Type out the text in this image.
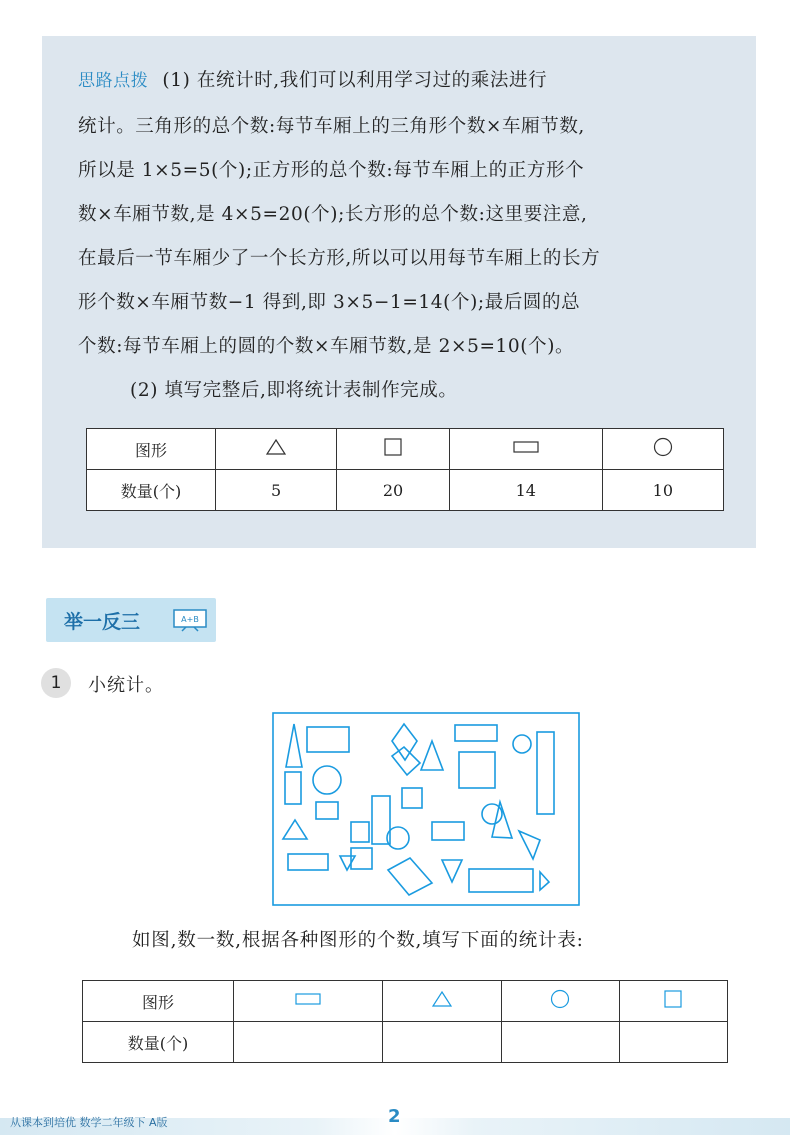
思路点拨 (1) 在统计时,我们可以利用学习过的乘法进行
统计。三角形的总个数:每节车厢上的三角形个数×车厢节数,
所以是 1×5=5(个);正方形的总个数:每节车厢上的正方形个
数×车厢节数,是 4×5=20(个);长方形的总个数:这里要注意,
在最后一节车厢少了一个长方形,所以可以用每节车厢上的长方
形个数×车厢节数−1 得到,即 3×5−1=14(个);最后圆的总
个数:每节车厢上的圆的个数×车厢节数,是 2×5=10(个)。
(2) 填写完整后,即将统计表制作完成。
图形				
数量(个)	5	20	14	10
举一反三	A+B
1	小统计。
如图,数一数,根据各种图形的个数,填写下面的统计表:
图形				
数量(个)				
从课本到培优 数学二年级下 A版	2
